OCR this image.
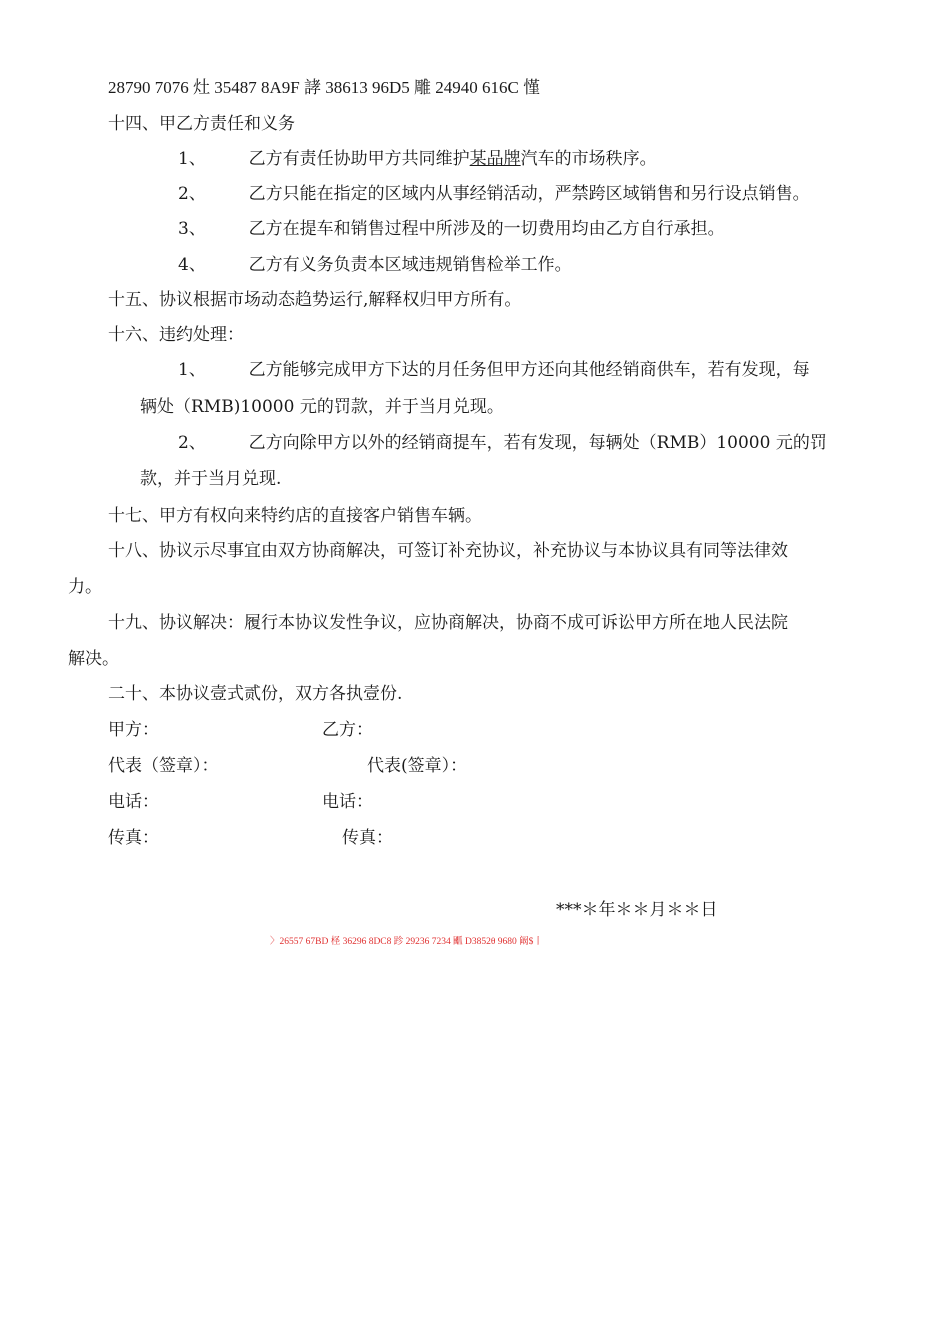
28790 7076 灶 35487 8A9F 誟 38613 96D5 雕 24940 616C 慬
十四、甲乙方责任和义务
1、	乙方有责任协助甲方共同维护某品牌汽车的市场秩序。
2、	乙方只能在指定的区域内从事经销活动，严禁跨区域销售和另行设点销售。
3、	乙方在提车和销售过程中所涉及的一切费用均由乙方自行承担。
4、	乙方有义务负责本区域违规销售检举工作。
十五、协议根据市场动态趋势运行,解释权归甲方所有。
十六、违约处理：
1、	乙方能够完成甲方下达的月任务但甲方还向其他经销商供车，若有发现，每
辆处（RMB)10000 元的罚款，并于当月兑现。
2、	乙方向除甲方以外的经销商提车，若有发现，每辆处（RMB）10000 元的罚
款，并于当月兑现.
十七、甲方有权向来特约店的直接客户销售车辆。
十八、协议示尽事宜由双方协商解决，可签订补充协议，补充协议与本协议具有同等法律效
力。
十九、协议解决：履行本协议发性争议，应协商解决，协商不成可诉讼甲方所在地人民法院
解决。
二十、本协议壹式贰份，双方各执壹份.
甲方：	乙方：
代表（签章）：	代表(签章）：
电话：	电话：
传真：	传真：
***＊年＊＊月＊＊日
〉26557 67BD 柽 36296 8DC8 跈 29236 7234 爴 D3852θ 9680 阚$丨
